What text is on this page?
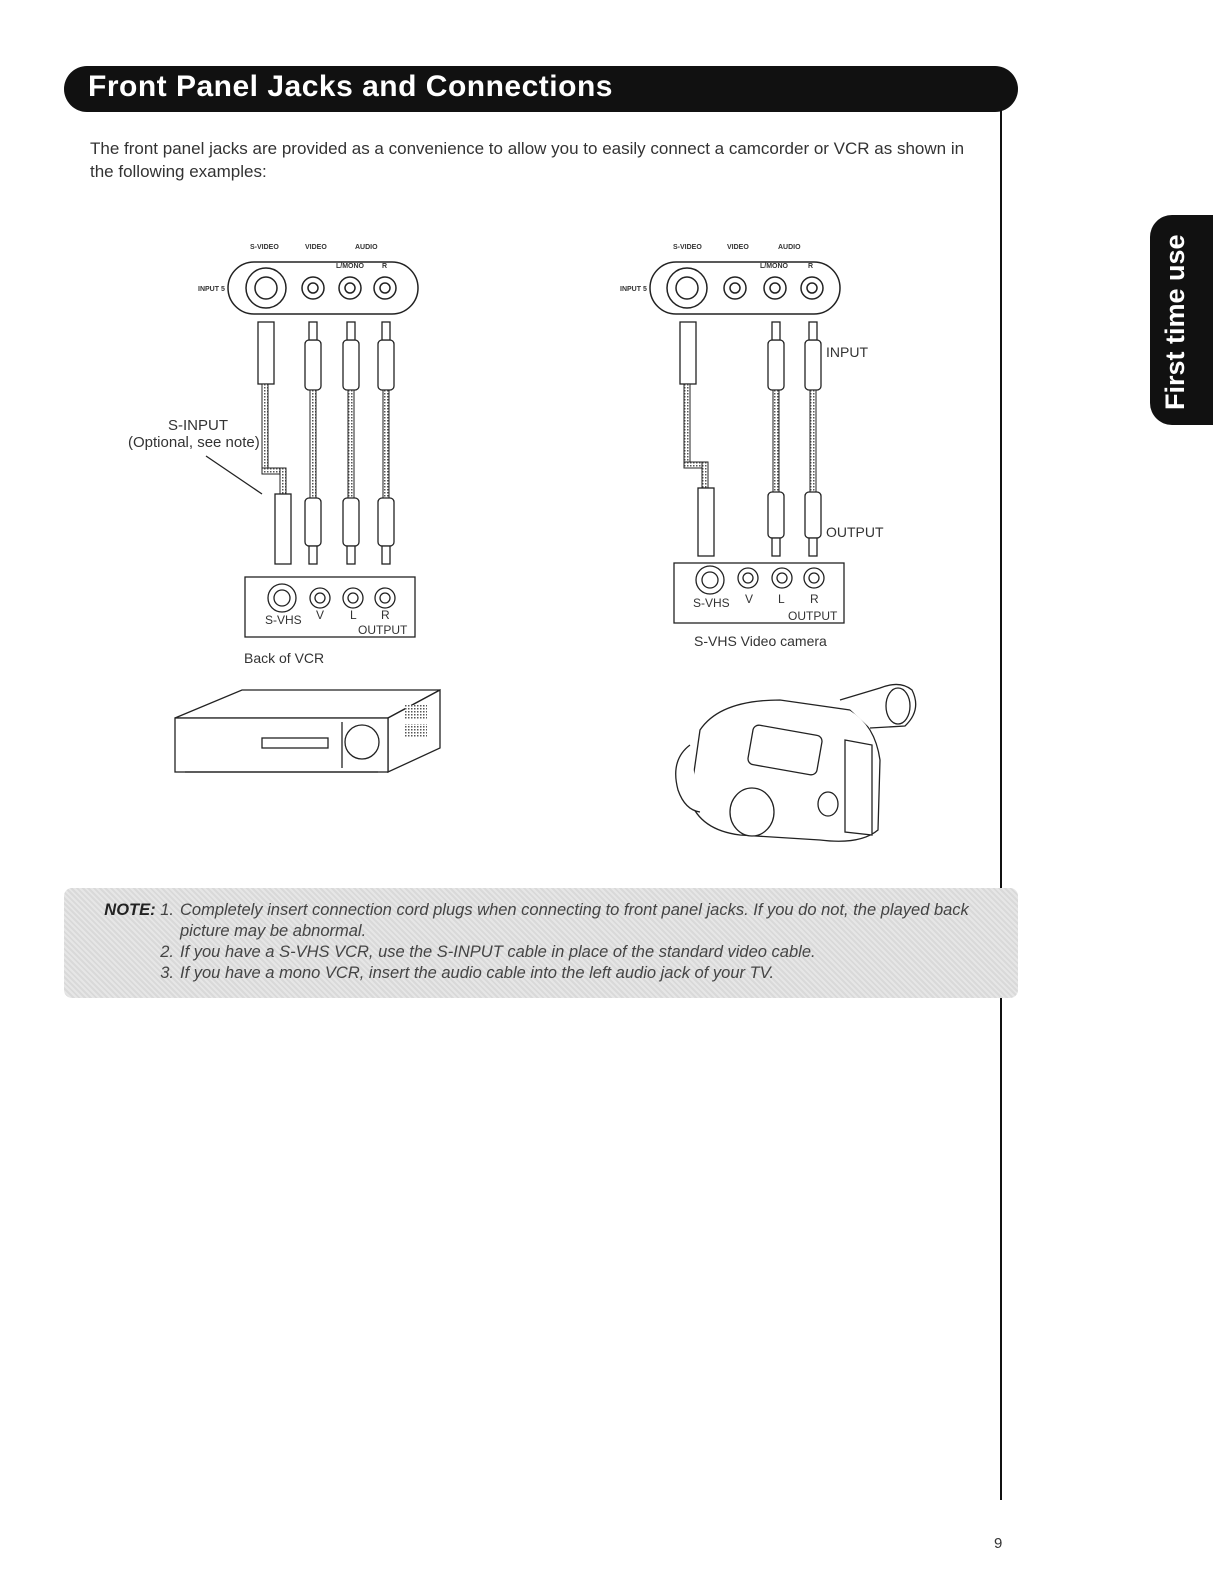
Front Panel Jacks and Connections
First time use
The front panel jacks are provided as a convenience to allow you to easily connect a camcorder or VCR as shown in the following examples:
S-VIDEO	VIDEO	AUDIO
L/MONO	R
INPUT 5
S-INPUT
(Optional, see note)
S-VHS V L R
OUTPUT
Back of VCR
S-VIDEO	VIDEO	AUDIO
L/MONO	R
INPUT 5
INPUT
OUTPUT
S-VHS V L R
OUTPUT
S-VHS Video camera
NOTE: 1. Completely insert connection cord plugs when connecting to front panel jacks. If you do not, the played back picture may be abnormal.
2. If you have a S-VHS VCR, use the S-INPUT cable in place of the standard video cable.
3. If you have a mono VCR, insert the audio cable into the left audio jack of your TV.
9
